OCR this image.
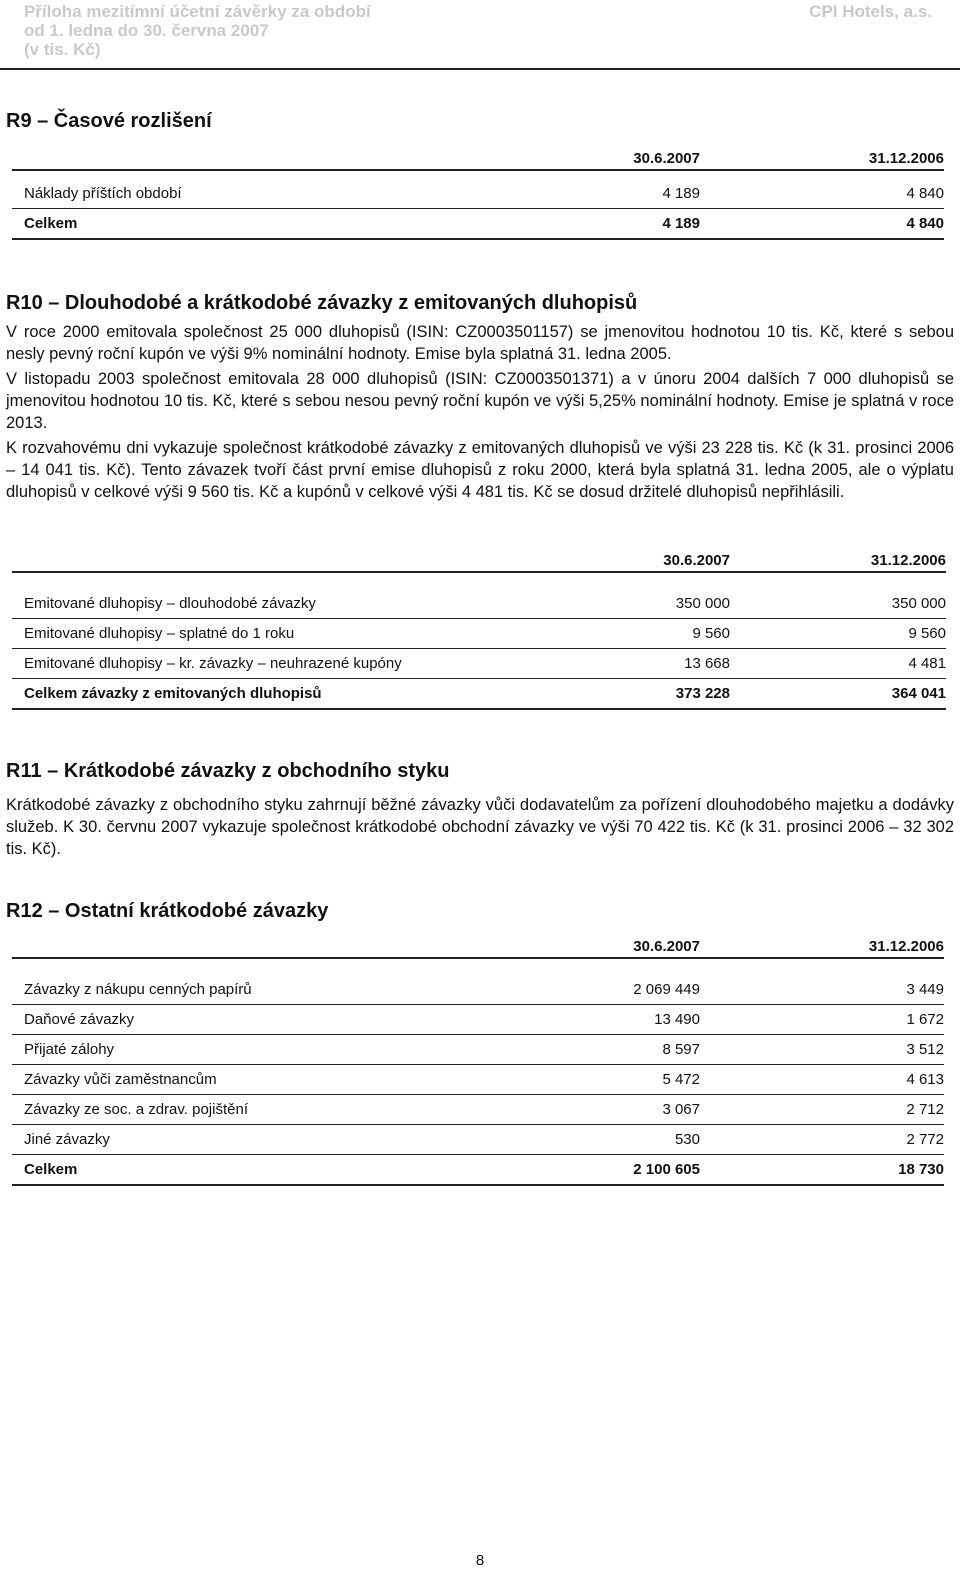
Příloha mezitímní účetní závěrky za období
od 1. ledna do 30. června 2007
(v tis. Kč)
CPI Hotels, a.s.
R9 – Časové rozlišení
	30.6.2007	31.12.2006

Náklady příštích období	4 189	4 840
Celkem	4 189	4 840
R10 – Dlouhodobé a krátkodobé závazky z emitovaných dluhopisů

V roce 2000 emitovala společnost 25 000 dluhopisů (ISIN: CZ0003501157) se jmenovitou hodnotou 10 tis. Kč, které s sebou nesly pevný roční kupón ve výši 9% nominální hodnoty. Emise byla splatná 31. ledna 2005.

V listopadu 2003 společnost emitovala 28 000 dluhopisů (ISIN: CZ0003501371) a v únoru 2004 dalších 7 000 dluhopisů se jmenovitou hodnotou 10 tis. Kč, které s sebou nesou pevný roční kupón ve výši 5,25% nominální hodnoty. Emise je splatná v roce 2013.

K rozvahovému dni vykazuje společnost krátkodobé závazky z emitovaných dluhopisů ve výši 23 228 tis. Kč (k 31. prosinci 2006 – 14 041 tis. Kč). Tento závazek tvoří část první emise dluhopisů z roku 2000, která byla splatná 31. ledna 2005, ale o výplatu dluhopisů v celkové výši 9 560 tis. Kč a kupónů v celkové výši 4 481 tis. Kč se dosud držitelé dluhopisů nepřihlásili.

	30.6.2007	31.12.2006

Emitované dluhopisy – dlouhodobé závazky	350 000	350 000
Emitované dluhopisy – splatné do 1 roku	9 560	9 560
Emitované dluhopisy – kr. závazky – neuhrazené kupóny	13 668	4 481
Celkem závazky z emitovaných dluhopisů	373 228	364 041
R11 – Krátkodobé závazky z obchodního styku

Krátkodobé závazky z obchodního styku zahrnují běžné závazky vůči dodavatelům za pořízení dlouhodobého majetku a dodávky služeb. K 30. červnu 2007 vykazuje společnost krátkodobé obchodní závazky ve výši 70 422 tis. Kč (k 31. prosinci 2006 – 32 302 tis. Kč).

R12 – Ostatní krátkodobé závazky
	30.6.2007	31.12.2006

Závazky z nákupu cenných papírů	2 069 449	3 449
Daňové závazky	13 490	1 672
Přijaté zálohy	8 597	3 512
Závazky vůči zaměstnancům	5 472	4 613
Závazky ze soc. a zdrav. pojištění	3 067	2 712
Jiné závazky	530	2 772
Celkem	2 100 605	18 730
8
